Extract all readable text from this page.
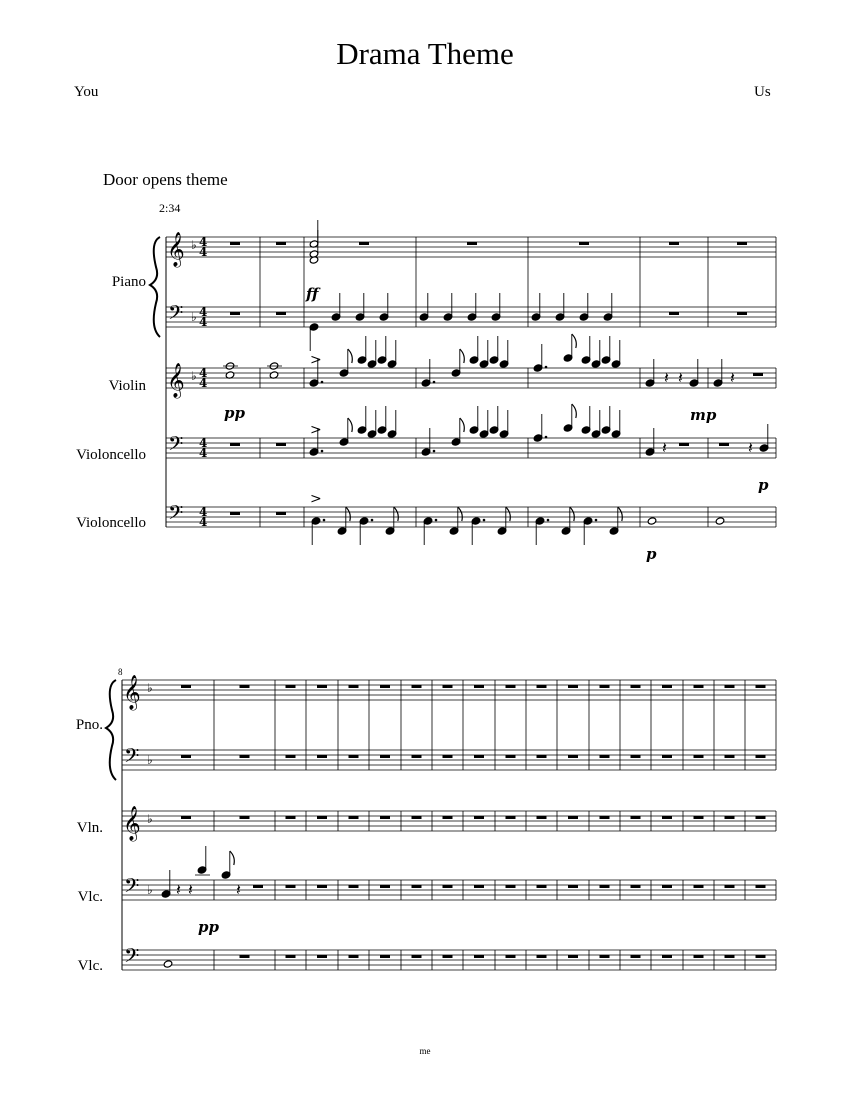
Drama Theme
You	Us
Door opens theme
2:34
Piano
Violin
Violoncello
Violoncello
Pno.
Vln.
Vlc.
Vlc.
8
me
𝄞 ♭ 4
4
𝄢 ♭ 4
4
𝄞 ♭ 4
4
𝄢 4
4
𝄢 4
4
ff
pp
>
𝄽 𝄽
mp
𝄽
>
𝄽	𝄽
p
>
p
𝄞 ♭
𝄢 ♭
𝄞 ♭
𝄢 ♭
𝄢
𝄽 𝄽
pp
𝄽
